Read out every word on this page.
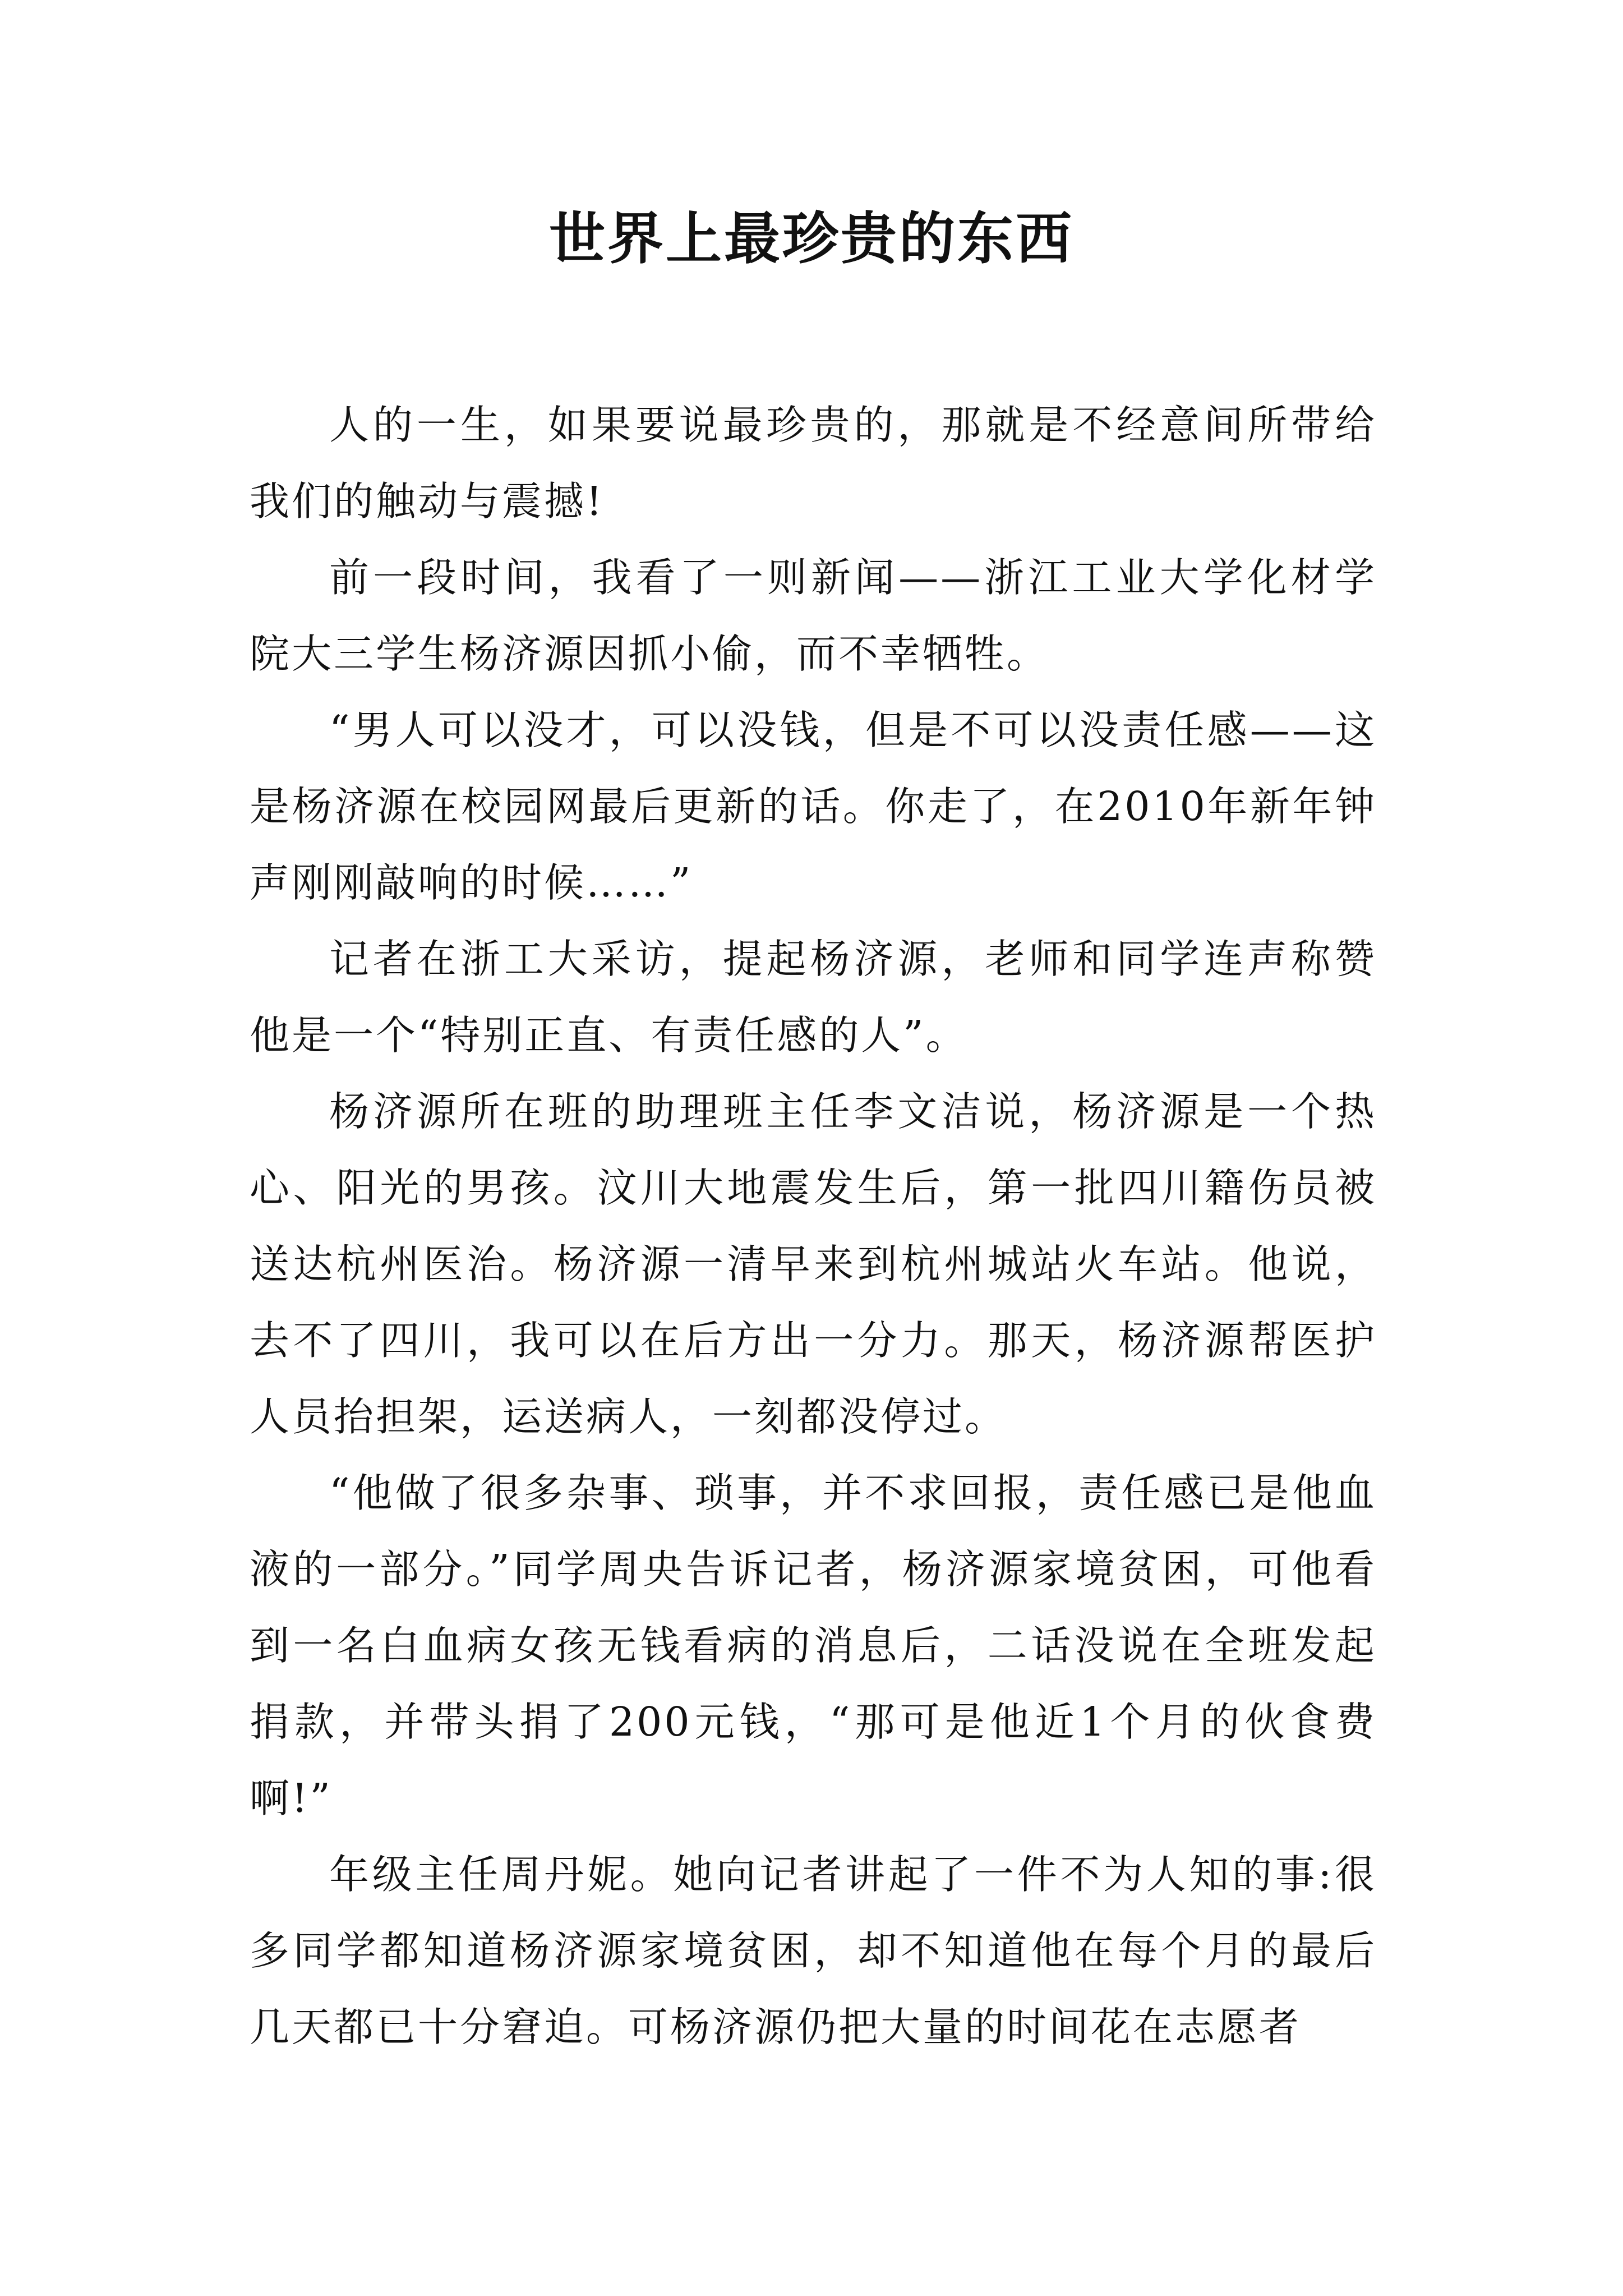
世界上最珍贵的东西

人的一生，如果要说最珍贵的，那就是不经意间所带给我们的触动与震撼!

前一段时间，我看了一则新闻——浙江工业大学化材学院大三学生杨济源因抓小偷，而不幸牺牲。

“男人可以没才，可以没钱，但是不可以没责任感——这是杨济源在校园网最后更新的话。你走了，在2010年新年钟声刚刚敲响的时候……”

记者在浙工大采访，提起杨济源，老师和同学连声称赞他是一个“特别正直、有责任感的人”。

杨济源所在班的助理班主任李文洁说，杨济源是一个热心、阳光的男孩。汶川大地震发生后，第一批四川籍伤员被送达杭州医治。杨济源一清早来到杭州城站火车站。他说，去不了四川，我可以在后方出一分力。那天，杨济源帮医护人员抬担架，运送病人，一刻都没停过。

“他做了很多杂事、琐事，并不求回报，责任感已是他血液的一部分。”同学周央告诉记者，杨济源家境贫困，可他看到一名白血病女孩无钱看病的消息后，二话没说在全班发起捐款，并带头捐了200元钱，“那可是他近1个月的伙食费啊!”

年级主任周丹妮。她向记者讲起了一件不为人知的事:很多同学都知道杨济源家境贫困，却不知道他在每个月的最后几天都已十分窘迫。可杨济源仍把大量的时间花在志愿者
